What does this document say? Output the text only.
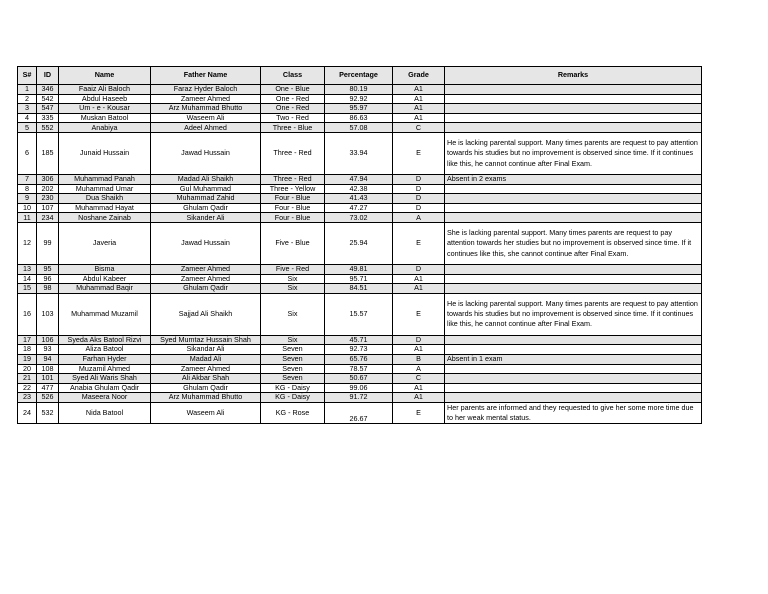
S#	ID	Name	Father Name	Class	Percentage	Grade	Remarks
1	346	Faaiz Ali Baloch	Faraz Hyder Baloch	One - Blue	80.19	A1	
2	542	Abdul Haseeb	Zameer Ahmed	One - Red	92.92	A1	
3	547	Um - e - Kousar	Arz Muhammad Bhutto	One - Red	95.97	A1	
4	335	Muskan Batool	Waseem Ali	Two - Red	86.63	A1	
5	552	Anabiya	Adeel Ahmed	Three - Blue	57.08	C	
6	185	Junaid Hussain	Jawad Hussain	Three - Red	33.94	E	He is lacking parental support. Many times parents are request to pay attention towards his studies but no improvement is observed since time. If it continues like this, he cannot continue after Final Exam.
7	306	Muhammad Panah	Madad Ali Shaikh	Three - Red	47.94	D	Absent in 2 exams
8	202	Muhammad Umar	Gul Muhammad	Three - Yellow	42.38	D	
9	230	Dua Shaikh	Muhammad Zahid	Four - Blue	41.43	D	
10	107	Muhammad Hayat	Ghulam Qadir	Four - Blue	47.27	D	
11	234	Noshane Zainab	Sikander Ali	Four - Blue	73.02	A	
12	99	Javeria	Jawad Hussain	Five - Blue	25.94	E	She is lacking parental support. Many times parents are request to pay attention towards her studies but no improvement is observed since time. If it continues like this, she cannot continue after Final Exam.
13	95	Bisma	Zameer Ahmed	Five - Red	49.81	D	
14	96	Abdul Kabeer	Zameer Ahmed	Six	95.71	A1	
15	98	Muhammad Baqir	Ghulam Qadir	Six	84.51	A1	
16	103	Muhammad Muzamil	Sajjad Ali Shaikh	Six	15.57	E	He is lacking parental support. Many times parents are request to pay attention towards his studies but no improvement is observed since time. If it continues like this, he cannot continue after Final Exam.
17	106	Syeda Aks Batool Rizvi	Syed Mumtaz Hussain Shah	Six	45.71	D	
18	93	Aliza Batool	Sikandar Ali	Seven	92.73	A1	
19	94	Farhan Hyder	Madad Ali	Seven	65.76	B	Absent in 1 exam
20	108	Muzamil Ahmed	Zameer Ahmed	Seven	78.57	A	
21	101	Syed Ali Waris Shah	Ali Akbar Shah	Seven	50.67	C	
22	477	Anabia Ghulam Qadir	Ghulam Qadir	KG - Daisy	99.06	A1	
23	526	Maseera Noor	Arz Muhammad Bhutto	KG - Daisy	91.72	A1	
24	532	Nida Batool	Waseem Ali	KG - Rose	26.67	E	Her parents are informed and they requested to give her some more time due to her weak mental status.
